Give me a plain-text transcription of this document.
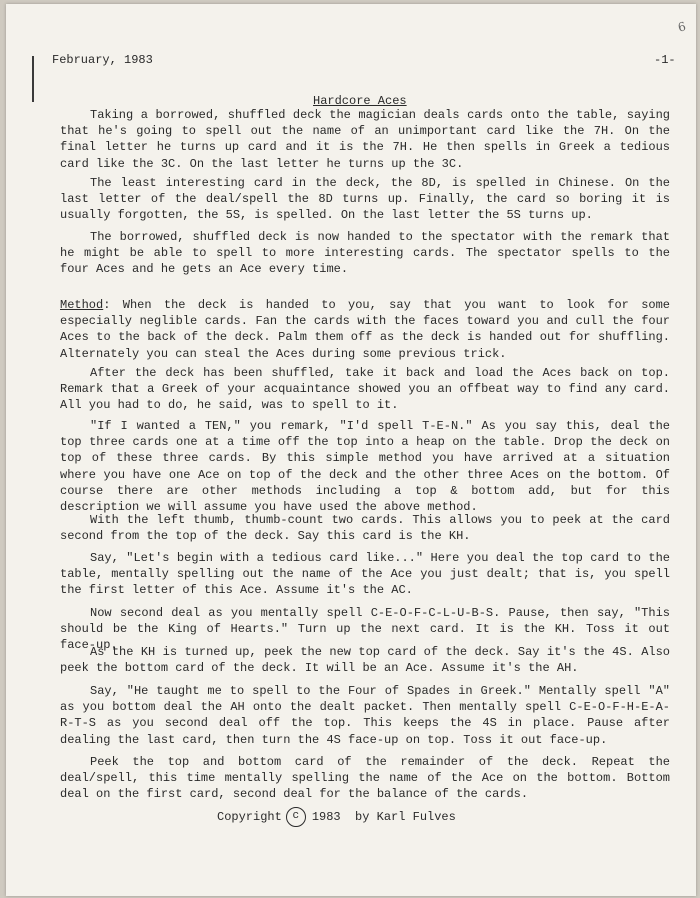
February, 1983	-1-
6
Hardcore Aces

Taking a borrowed, shuffled deck the magician deals cards onto the table, saying that he's going to spell out the name of an unimportant card like the 7H. On the final letter he turns up card and it is the 7H. He then spells in Greek a tedious card like the 3C. On the last letter he turns up the 3C.

The least interesting card in the deck, the 8D, is spelled in Chinese. On the last letter of the deal/spell the 8D turns up. Finally, the card so boring it is usually forgotten, the 5S, is spelled. On the last letter the 5S turns up.

The borrowed, shuffled deck is now handed to the spectator with the remark that he might be able to spell to more interesting cards. The spectator spells to the four Aces and he gets an Ace every time.

Method: When the deck is handed to you, say that you want to look for some especially neglible cards. Fan the cards with the faces toward you and cull the four Aces to the back of the deck. Palm them off as the deck is handed out for shuffling. Alternately you can steal the Aces during some previous trick.

After the deck has been shuffled, take it back and load the Aces back on top. Remark that a Greek of your acquaintance showed you an offbeat way to find any card. All you had to do, he said, was to spell to it.

"If I wanted a TEN," you remark, "I'd spell T-E-N." As you say this, deal the top three cards one at a time off the top into a heap on the table. Drop the deck on top of these three cards. By this simple method you have arrived at a situation where you have one Ace on top of the deck and the other three Aces on the bottom. Of course there are other methods including a top & bottom add, but for this description we will assume you have used the above method.

With the left thumb, thumb-count two cards. This allows you to peek at the card second from the top of the deck. Say this card is the KH.

Say, "Let's begin with a tedious card like..." Here you deal the top card to the table, mentally spelling out the name of the Ace you just dealt; that is, you spell the first letter of this Ace. Assume it's the AC.

Now second deal as you mentally spell C-E-O-F-C-L-U-B-S. Pause, then say, "This should be the King of Hearts." Turn up the next card. It is the KH. Toss it out face-up.

As the KH is turned up, peek the new top card of the deck. Say it's the 4S. Also peek the bottom card of the deck. It will be an Ace. Assume it's the AH.

Say, "He taught me to spell to the Four of Spades in Greek." Mentally spell "A" as you bottom deal the AH onto the dealt packet. Then mentally spell C-E-O-F-H-E-A-R-T-S as you second deal off the top. This keeps the 4S in place. Pause after dealing the last card, then turn the 4S face-up on top. Toss it out face-up.

Peek the top and bottom card of the remainder of the deck. Repeat the deal/spell, this time mentally spelling the name of the Ace on the bottom. Bottom deal on the first card, second deal for the balance of the cards.

Copyright c	1983  by Karl Fulves
